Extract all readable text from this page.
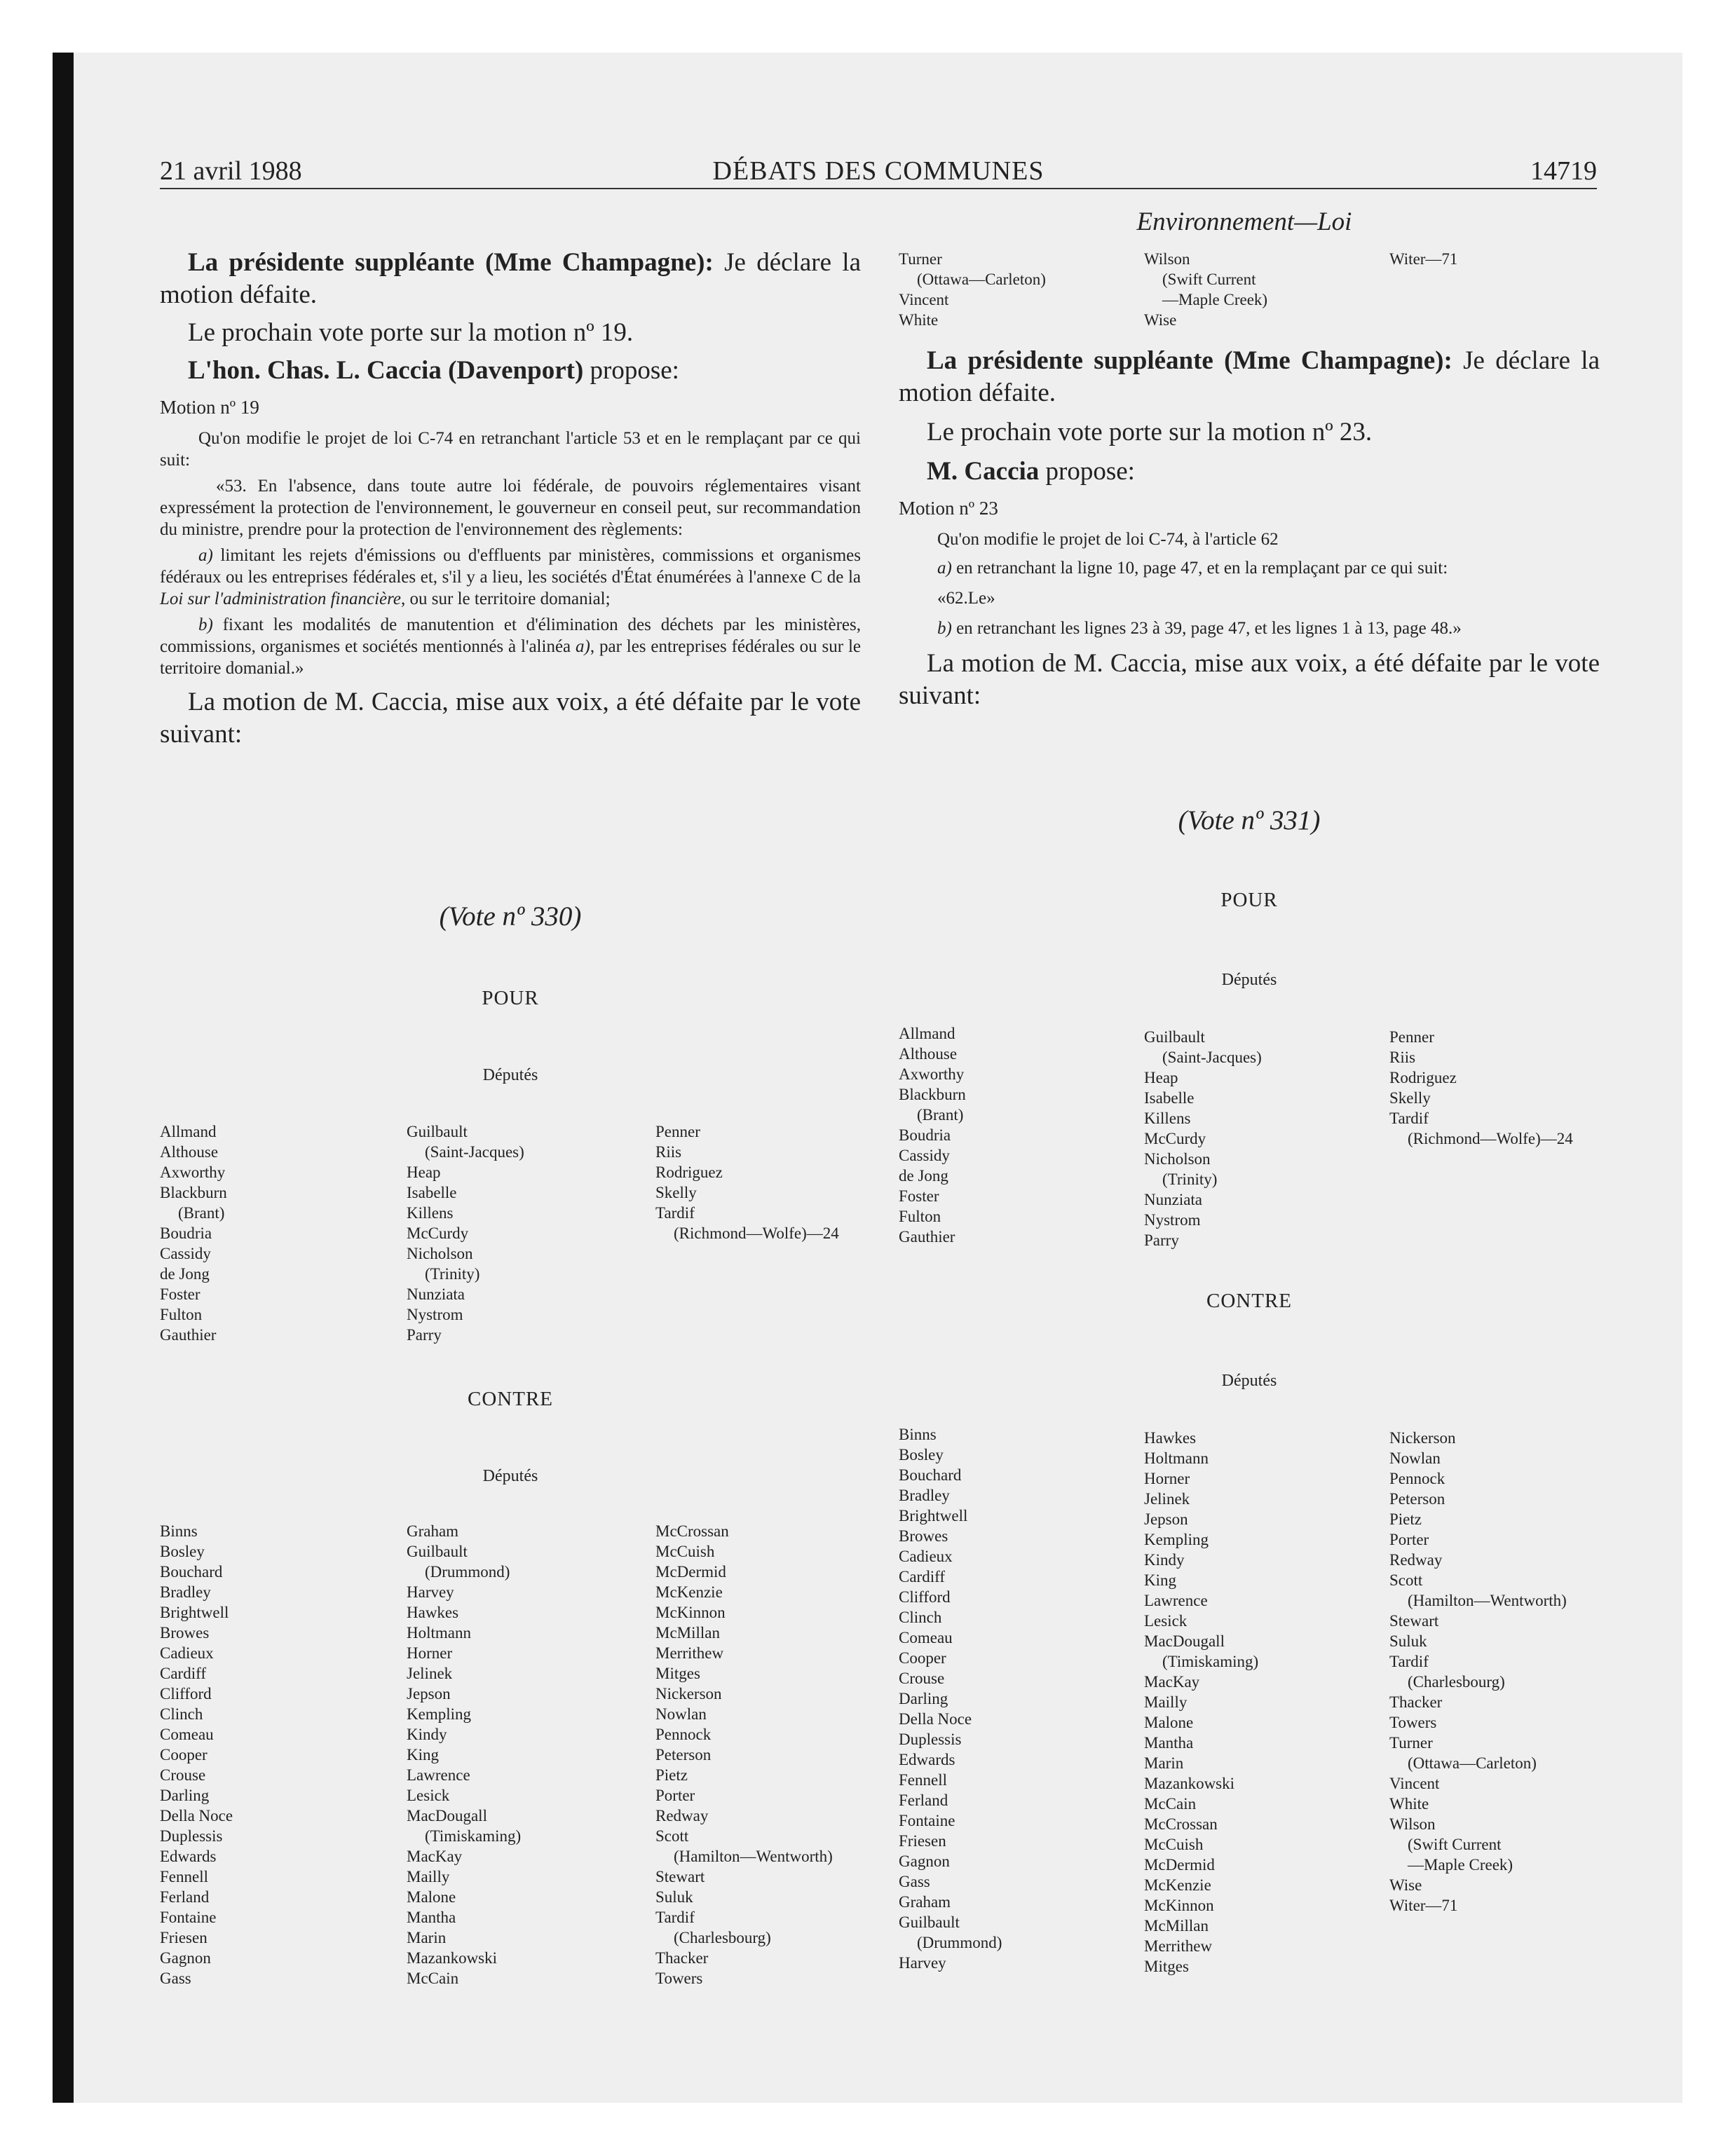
21 avril 1988	DÉBATS DES COMMUNES	14719
Environnement—Loi

La présidente suppléante (Mme Champagne): Je déclare la motion défaite.

Le prochain vote porte sur la motion nº 19.

L'hon. Chas. L. Caccia (Davenport) propose:

Motion nº 19

Qu'on modifie le projet de loi C-74 en retranchant l'article 53 et en le remplaçant par ce qui suit:

«53. En l'absence, dans toute autre loi fédérale, de pouvoirs réglementaires visant expressément la protection de l'environnement, le gouverneur en conseil peut, sur recommandation du ministre, prendre pour la protection de l'environnement des règlements:

a) limitant les rejets d'émissions ou d'effluents par ministères, commissions et organismes fédéraux ou les entreprises fédérales et, s'il y a lieu, les sociétés d'État énumérées à l'annexe C de la Loi sur l'administration financière, ou sur le territoire domanial;

b) fixant les modalités de manutention et d'élimination des déchets par les ministères, commissions, organismes et sociétés mentionnés à l'alinéa a), par les entreprises fédérales ou sur le territoire domanial.»

La motion de M. Caccia, mise aux voix, a été défaite par le vote suivant:

Turner
(Ottawa—Carleton)
Vincent
White
Wilson
(Swift Current
—Maple Creek)
Wise
Witer—71

La présidente suppléante (Mme Champagne): Je déclare la motion défaite.

Le prochain vote porte sur la motion nº 23.

M. Caccia propose:

Motion nº 23

Qu'on modifie le projet de loi C-74, à l'article 62

a) en retranchant la ligne 10, page 47, et en la remplaçant par ce qui suit:

«62.Le»

b) en retranchant les lignes 23 à 39, page 47, et les lignes 1 à 13, page 48.»

La motion de M. Caccia, mise aux voix, a été défaite par le vote suivant:

(Vote nº 330)
POUR
Députés
Allmand
Althouse
Axworthy
Blackburn
(Brant)
Boudria
Cassidy
de Jong
Foster
Fulton
Gauthier
Guilbault
(Saint-Jacques)
Heap
Isabelle
Killens
McCurdy
Nicholson
(Trinity)
Nunziata
Nystrom
Parry
Penner
Riis
Rodriguez
Skelly
Tardif
(Richmond—Wolfe)—24
CONTRE
Députés
Binns
Bosley
Bouchard
Bradley
Brightwell
Browes
Cadieux
Cardiff
Clifford
Clinch
Comeau
Cooper
Crouse
Darling
Della Noce
Duplessis
Edwards
Fennell
Ferland
Fontaine
Friesen
Gagnon
Gass
Graham
Guilbault
(Drummond)
Harvey
Hawkes
Holtmann
Horner
Jelinek
Jepson
Kempling
Kindy
King
Lawrence
Lesick
MacDougall
(Timiskaming)
MacKay
Mailly
Malone
Mantha
Marin
Mazankowski
McCain
McCrossan
McCuish
McDermid
McKenzie
McKinnon
McMillan
Merrithew
Mitges
Nickerson
Nowlan
Pennock
Peterson
Pietz
Porter
Redway
Scott
(Hamilton—Wentworth)
Stewart
Suluk
Tardif
(Charlesbourg)
Thacker
Towers
(Vote nº 331)
POUR
Députés
Allmand
Althouse
Axworthy
Blackburn
(Brant)
Boudria
Cassidy
de Jong
Foster
Fulton
Gauthier
Guilbault
(Saint-Jacques)
Heap
Isabelle
Killens
McCurdy
Nicholson
(Trinity)
Nunziata
Nystrom
Parry
Penner
Riis
Rodriguez
Skelly
Tardif
(Richmond—Wolfe)—24
CONTRE
Députés
Binns
Bosley
Bouchard
Bradley
Brightwell
Browes
Cadieux
Cardiff
Clifford
Clinch
Comeau
Cooper
Crouse
Darling
Della Noce
Duplessis
Edwards
Fennell
Ferland
Fontaine
Friesen
Gagnon
Gass
Graham
Guilbault
(Drummond)
Harvey
Hawkes
Holtmann
Horner
Jelinek
Jepson
Kempling
Kindy
King
Lawrence
Lesick
MacDougall
(Timiskaming)
MacKay
Mailly
Malone
Mantha
Marin
Mazankowski
McCain
McCrossan
McCuish
McDermid
McKenzie
McKinnon
McMillan
Merrithew
Mitges
Nickerson
Nowlan
Pennock
Peterson
Pietz
Porter
Redway
Scott
(Hamilton—Wentworth)
Stewart
Suluk
Tardif
(Charlesbourg)
Thacker
Towers
Turner
(Ottawa—Carleton)
Vincent
White
Wilson
(Swift Current
—Maple Creek)
Wise
Witer—71
